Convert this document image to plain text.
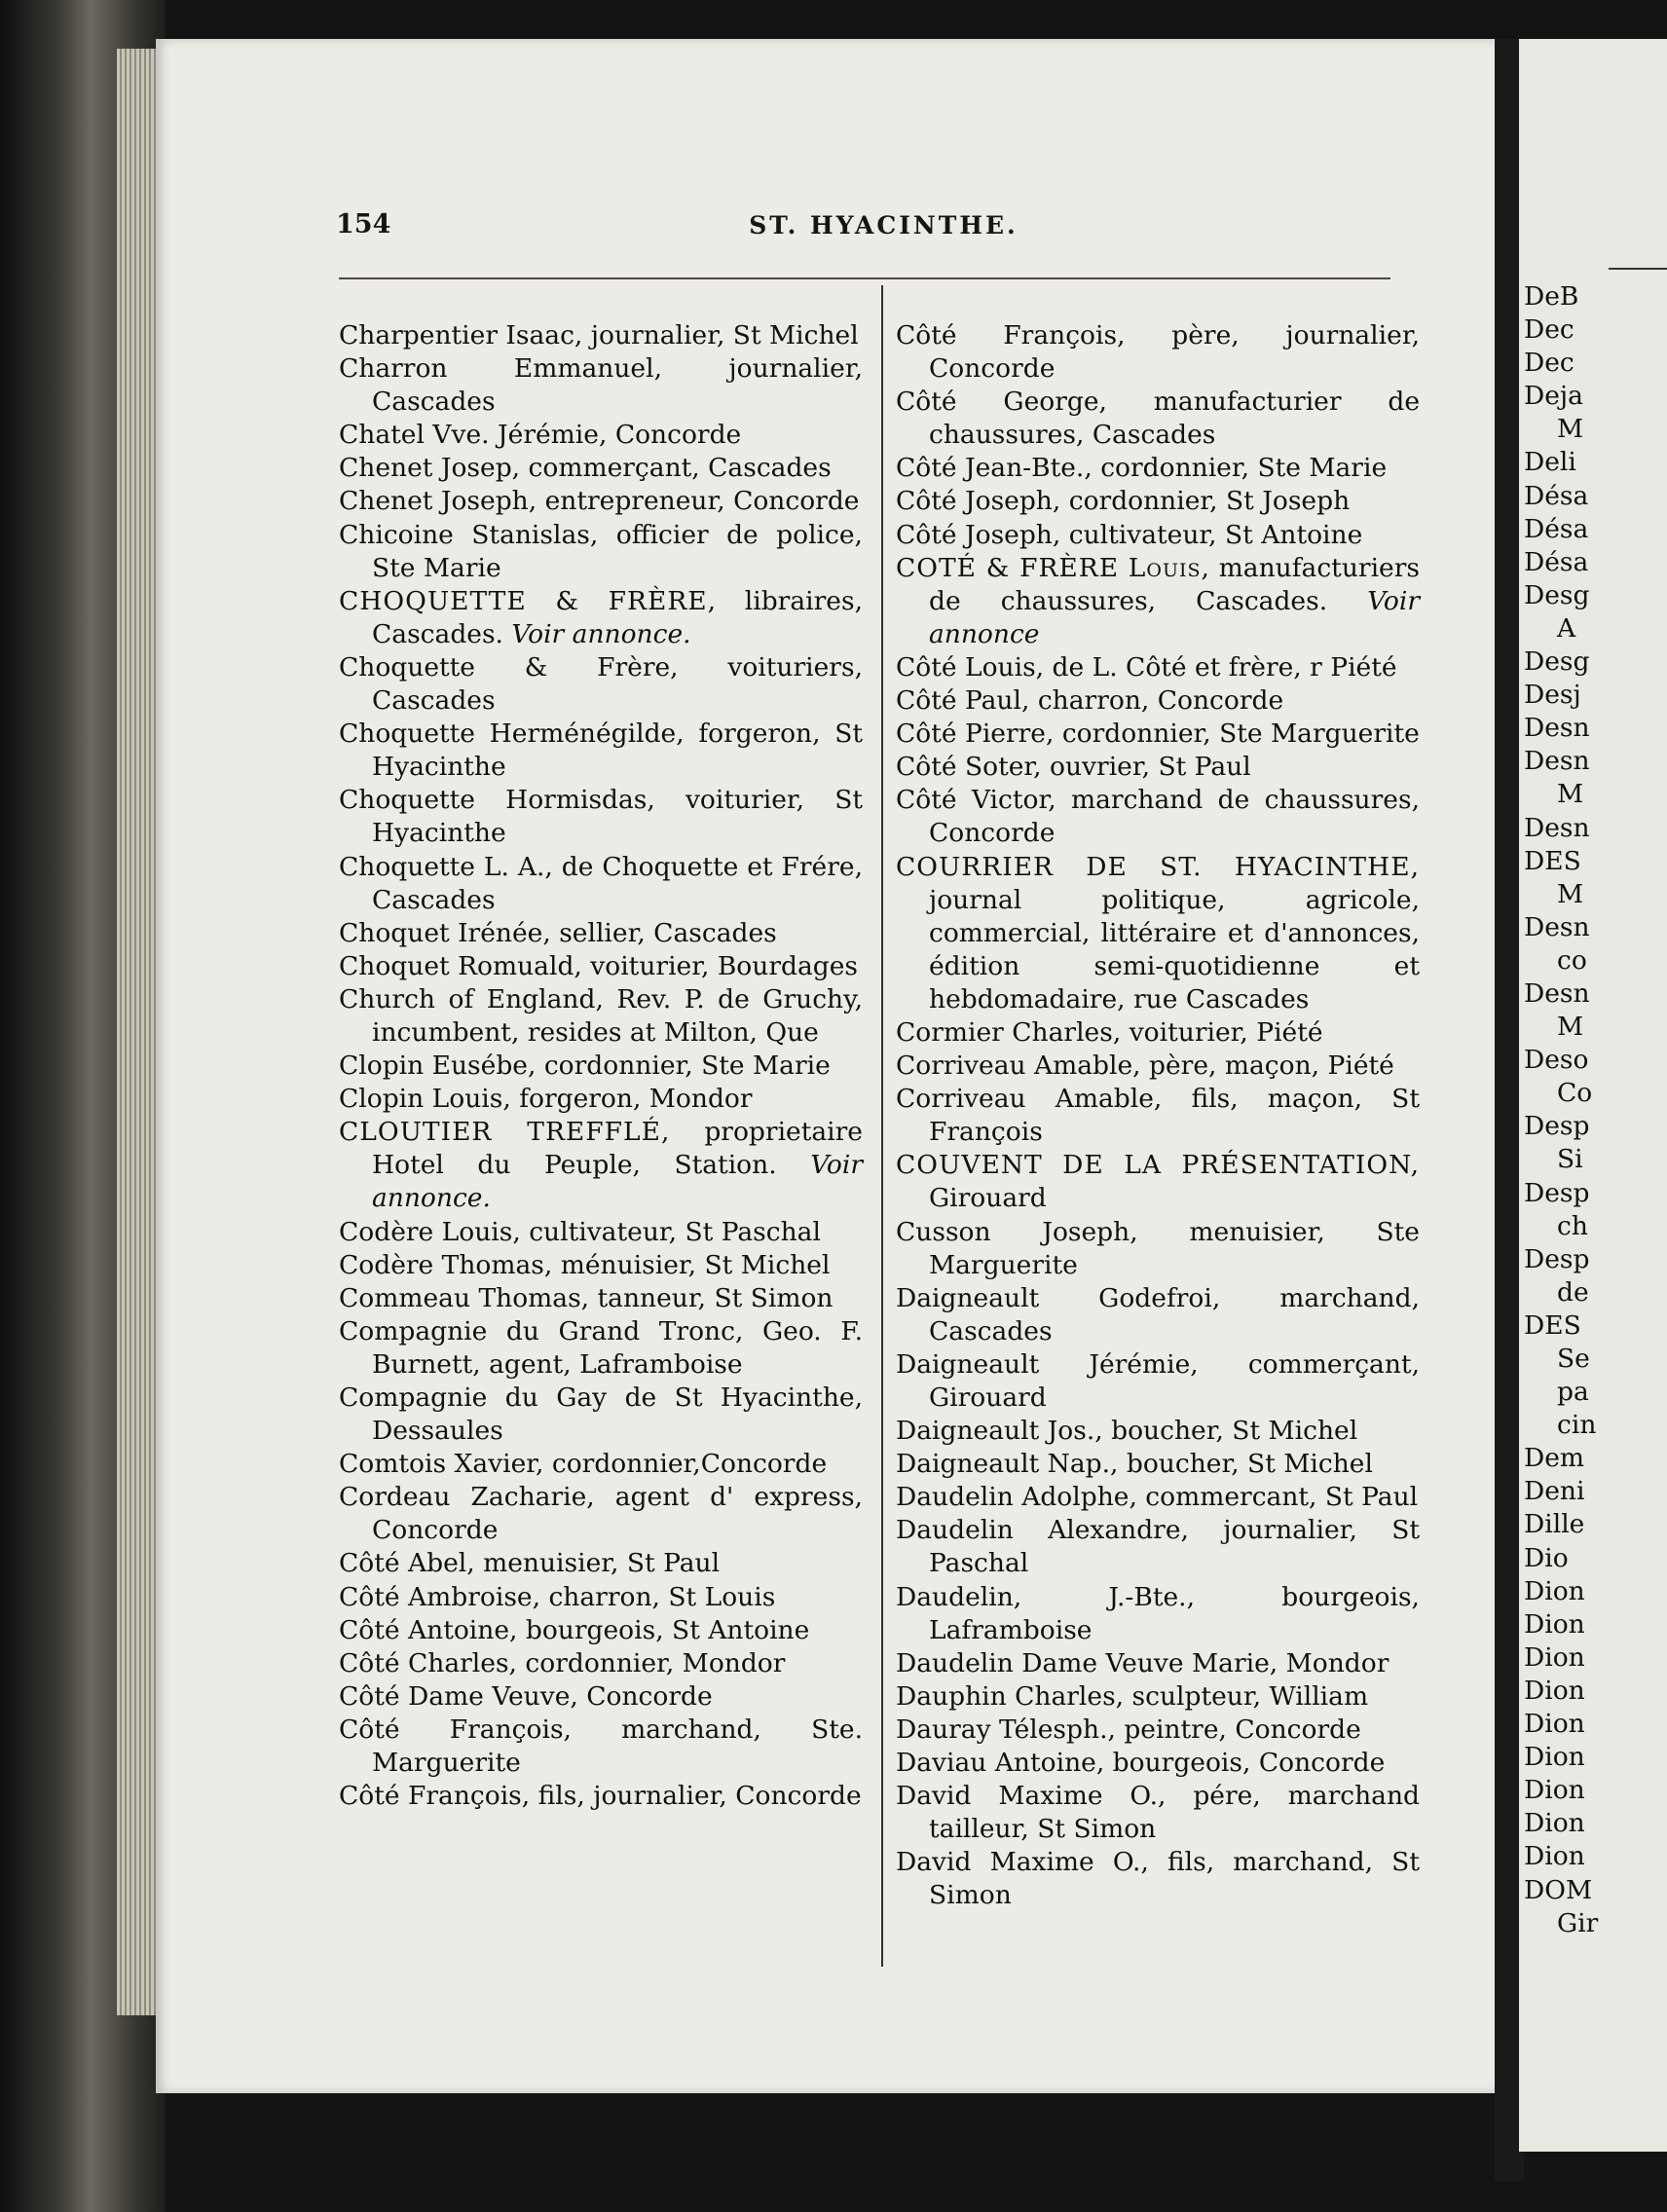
154	ST. HYACINTHE.

Charpentier Isaac, journalier, St Michel

Charron Emmanuel, journalier, Cascades

Chatel Vve. Jérémie, Concorde

Chenet Josep, commerçant, Cascades

Chenet Joseph, entrepreneur, Concorde

Chicoine Stanislas, officier de police, Ste Marie

CHOQUETTE & FRÈRE, libraires, Cascades. Voir annonce.

Choquette & Frère, voituriers, Cascades

Choquette Herménégilde, forgeron, St Hyacinthe

Choquette Hormisdas, voiturier, St Hyacinthe

Choquette L. A., de Choquette et Frére, Cascades

Choquet Irénée, sellier, Cascades

Choquet Romuald, voiturier, Bourdages

Church of England, Rev. P. de Gruchy, incumbent, resides at Milton, Que

Clopin Eusébe, cordonnier, Ste Marie

Clopin Louis, forgeron, Mondor

CLOUTIER TREFFLÉ, proprietaire Hotel du Peuple, Station. Voir annonce.

Codère Louis, cultivateur, St Paschal

Codère Thomas, ménuisier, St Michel

Commeau Thomas, tanneur, St Simon

Compagnie du Grand Tronc, Geo. F. Burnett, agent, Laframboise

Compagnie du Gay de St Hyacinthe, Dessaules

Comtois Xavier, cordonnier,Concorde

Cordeau Zacharie, agent d' express, Concorde

Côté Abel, menuisier, St Paul

Côté Ambroise, charron, St Louis

Côté Antoine, bourgeois, St Antoine

Côté Charles, cordonnier, Mondor

Côté Dame Veuve, Concorde

Côté François, marchand, Ste. Marguerite

Côté François, fils, journalier, Concorde

Côté François, père, journalier, Concorde

Côté George, manufacturier de chaussures, Cascades

Côté Jean-Bte., cordonnier, Ste Marie

Côté Joseph, cordonnier, St Joseph

Côté Joseph, cultivateur, St Antoine

COTÉ & FRÈRE Louis, manufacturiers de chaussures, Cascades. Voir annonce

Côté Louis, de L. Côté et frère, r Piété

Côté Paul, charron, Concorde

Côté Pierre, cordonnier, Ste Marguerite

Côté Soter, ouvrier, St Paul

Côté Victor, marchand de chaussures, Concorde

COURRIER DE ST. HYACINTHE, journal politique, agricole, commercial, littéraire et d'annonces, édition semi-quotidienne et hebdomadaire, rue Cascades

Cormier Charles, voiturier, Piété

Corriveau Amable, père, maçon, Piété

Corriveau Amable, fils, maçon, St François

COUVENT DE LA PRÉSENTATION, Girouard

Cusson Joseph, menuisier, Ste Marguerite

Daigneault Godefroi, marchand, Cascades

Daigneault Jérémie, commerçant, Girouard

Daigneault Jos., boucher, St Michel

Daigneault Nap., boucher, St Michel

Daudelin Adolphe, commercant, St Paul

Daudelin Alexandre, journalier, St Paschal

Daudelin, J.-Bte., bourgeois, Laframboise

Daudelin Dame Veuve Marie, Mondor

Dauphin Charles, sculpteur, William

Dauray Télesph., peintre, Concorde

Daviau Antoine, bourgeois, Concorde

David Maxime O., pére, marchand tailleur, St Simon

David Maxime O., fils, marchand, St Simon

DeB
Dec
Dec
Deja
M
Deli
Désa
Désa
Désa
Desg
A
Desg
Desj
Desn
Desn
M
Desn
DES
M
Desn
co
Desn
M
Deso
Co
Desp
Si
Desp
ch
Desp
de
DES
Se
pa
cin
Dem
Deni
Dille
Dio
Dion
Dion
Dion
Dion
Dion
Dion
Dion
Dion
Dion
DOM
Gir
